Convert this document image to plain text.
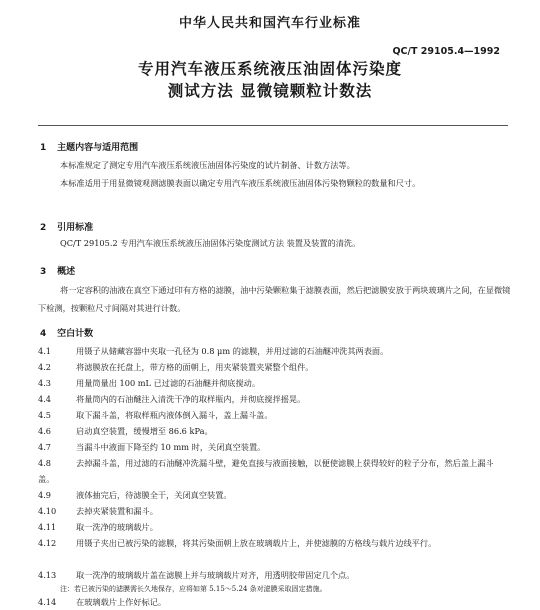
中华人民共和国汽车行业标准
QC/T 29105.4—1992
专用汽车液压系统液压油固体污染度
测试方法 显微镜颗粒计数法
1 主题内容与适用范围
本标准规定了测定专用汽车液压系统液压油固体污染度的试片制备、计数方法等。
本标准适用于用显微镜观测滤膜表面以确定专用汽车液压系统液压油固体污染物颗粒的数量和尺寸。
2 引用标准
QC/T 29105.2 专用汽车液压系统液压油固体污染度测试方法 装置及装置的清洗。
3 概述
将一定容积的油液在真空下通过印有方格的滤膜，油中污染颗粒集于滤膜表面，然后把滤膜安放于两块玻璃片之间，在显微镜下检测，按颗粒尺寸间隔对其进行计数。
4 空白计数
4.1	用镊子从储藏容器中夹取一孔径为 0.8 μm 的滤膜，并用过滤的石油醚冲洗其两表面。
4.2	将滤膜放在托盘上，带方格的面朝上，用夹紧装置夹紧整个组件。
4.3	用量筒量出 100 mL 已过滤的石油醚并彻底搅动。
4.4	将量筒内的石油醚注入清洗干净的取样瓶内，并彻底搅拌摇晃。
4.5	取下漏斗盖，将取样瓶内液体倒入漏斗，盖上漏斗盖。
4.6	启动真空装置，缓慢增至 86.6 kPa。
4.7	当漏斗中液面下降至约 10 mm 时，关闭真空装置。
4.8	去掉漏斗盖，用过滤的石油醚冲洗漏斗壁，避免直接与液面接触，以便使滤膜上获得较好的粒子分布，然后盖上漏斗盖。
4.9	液体抽完后，待滤膜全干，关闭真空装置。
4.10 去掉夹紧装置和漏斗。
4.11 取一洗净的玻璃载片。
4.12 用镊子夹出已被污染的滤膜，将其污染面朝上放在玻璃载片上，并使滤膜的方格线与载片边线平行。
4.13 取一洗净的玻璃载片盖在滤膜上并与玻璃载片对齐，用透明胶带固定几个点。
注：若已被污染的滤膜需长久地保存，应将如第 5.15～5.24 条对滤膜采取固定措施。
4.14 在玻璃载片上作好标记。
